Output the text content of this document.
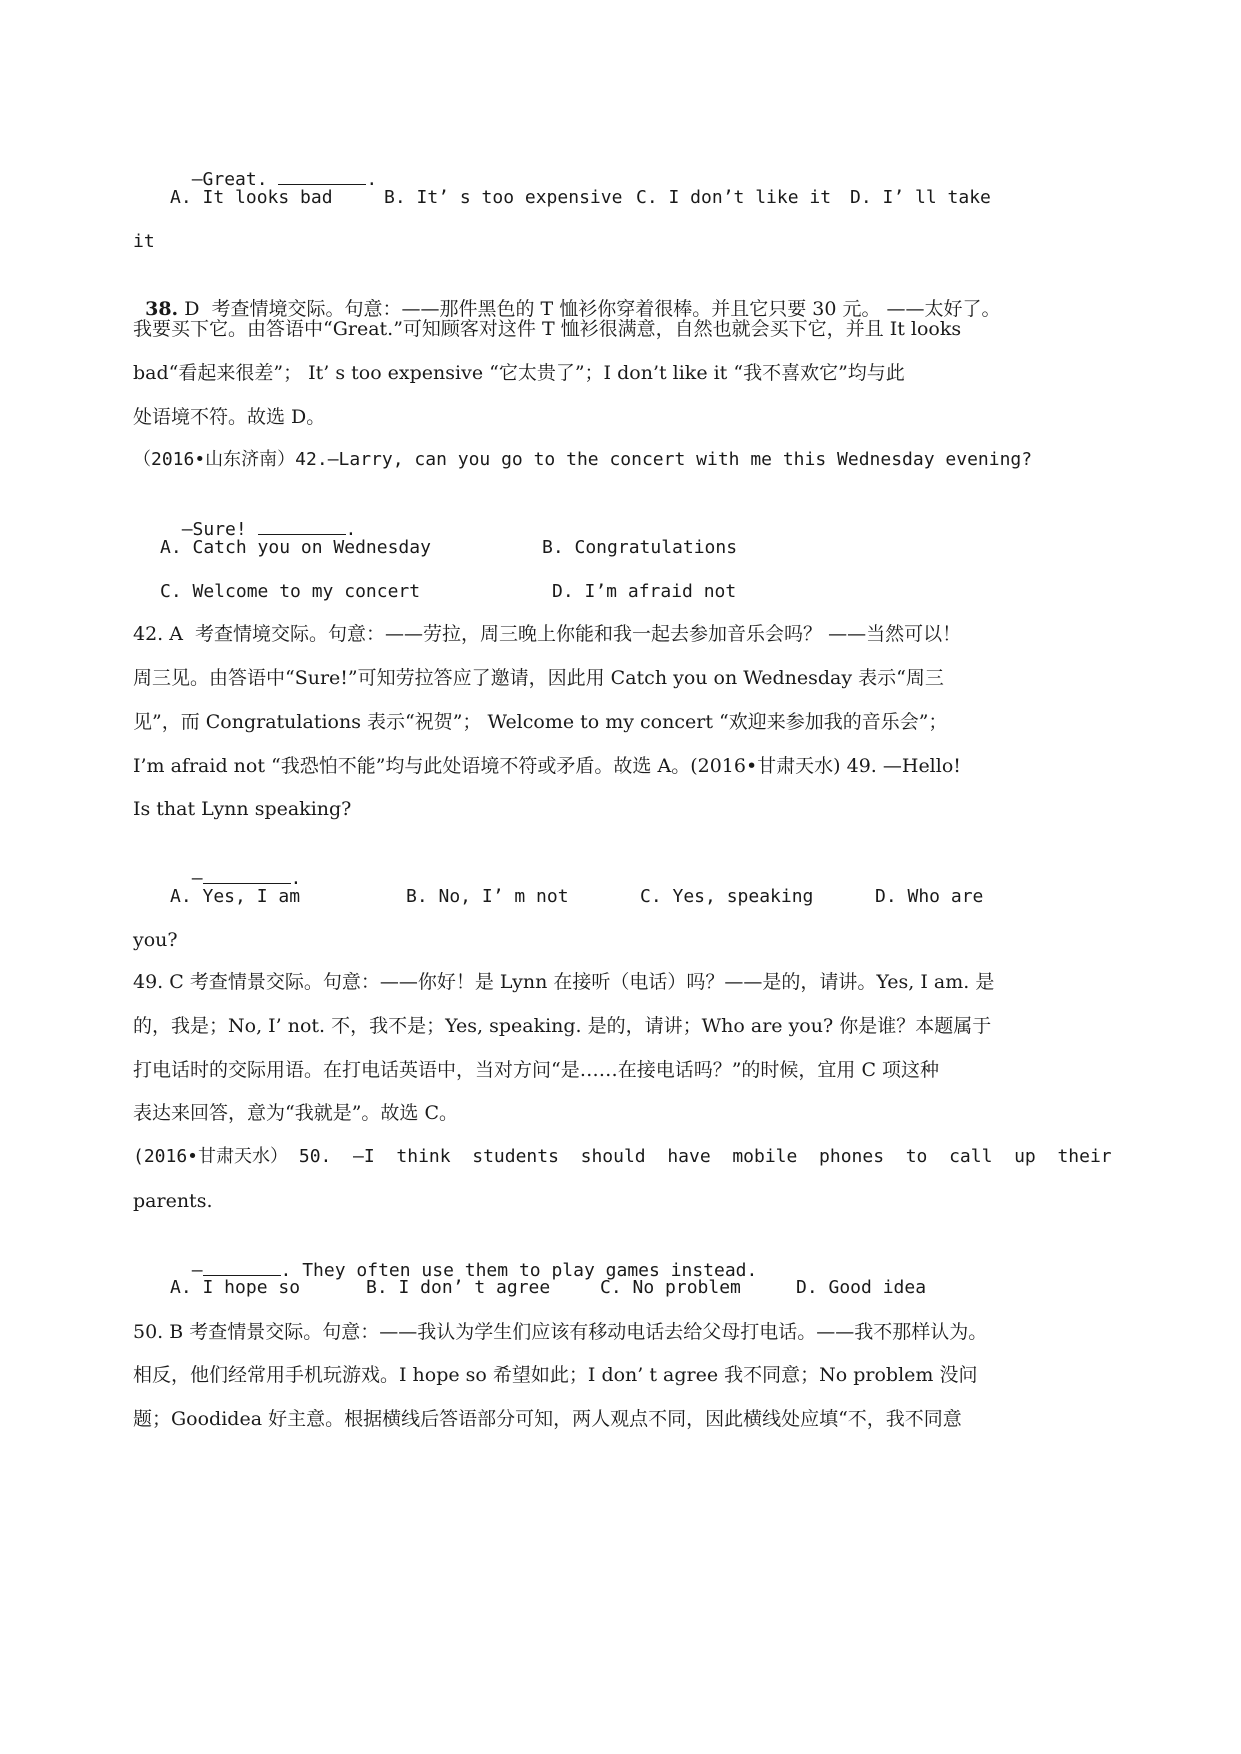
—Great.	.

A. It looks bad	B. It’ s too expensive C. I don’t like it D. I’ ll take
it

38. D  考查情境交际。句意：——那件黑色的 T 恤衫你穿着很棒。并且它只要 30 元。 ——太好了。

我要买下它。由答语中“Great.”可知顾客对这件 T 恤衫很满意，自然也就会买下它，并且 It looks
bad“看起来很差”； It’ s too expensive “它太贵了”；I don’t like it “我不喜欢它”均与此
处语境不符。故选 D。
（2016•山东济南）42.—Larry, can you go to the concert with me this Wednesday evening?

—Sure!	.

A. Catch you on Wednesday	B. Congratulations
C. Welcome to my concert	D. I’m afraid not
42. A  考查情境交际。句意：——劳拉，周三晚上你能和我一起去参加音乐会吗？ ——当然可以！
周三见。由答语中“Sure!”可知劳拉答应了邀请，因此用 Catch you on Wednesday 表示“周三
见”，而 Congratulations 表示“祝贺”； Welcome to my concert “欢迎来参加我的音乐会”；
I’m afraid not “我恐怕不能”均与此处语境不符或矛盾。故选 A。(2016•甘肃天水) 49. —Hello!
Is that Lynn speaking?

—	.

A. Yes, I am	B. No, I’ m not	C. Yes, speaking	D. Who are
you?
49. C 考查情景交际。句意：——你好！是 Lynn 在接听（电话）吗？——是的，请讲。Yes, I am. 是
的，我是；No, I’ not. 不，我不是；Yes, speaking. 是的，请讲；Who are you? 你是谁？本题属于
打电话时的交际用语。在打电话英语中，当对方问“是……在接电话吗？”的时候，宜用 C 项这种
表达来回答，意为“我就是”。故选 C。
(2016•甘肃天水） 50.  —I  think  students  should  have  mobile  phones  to  call  up  their
parents.

—	. They often use them to play games instead.

A. I hope so	B. I don’ t agree	C. No problem	D. Good idea
50. B 考查情景交际。句意：——我认为学生们应该有移动电话去给父母打电话。——我不那样认为。
相反，他们经常用手机玩游戏。I hope so 希望如此；I don’ t agree 我不同意；No problem 没问
题；Goodidea 好主意。根据横线后答语部分可知，两人观点不同，因此横线处应填“不，我不同意
